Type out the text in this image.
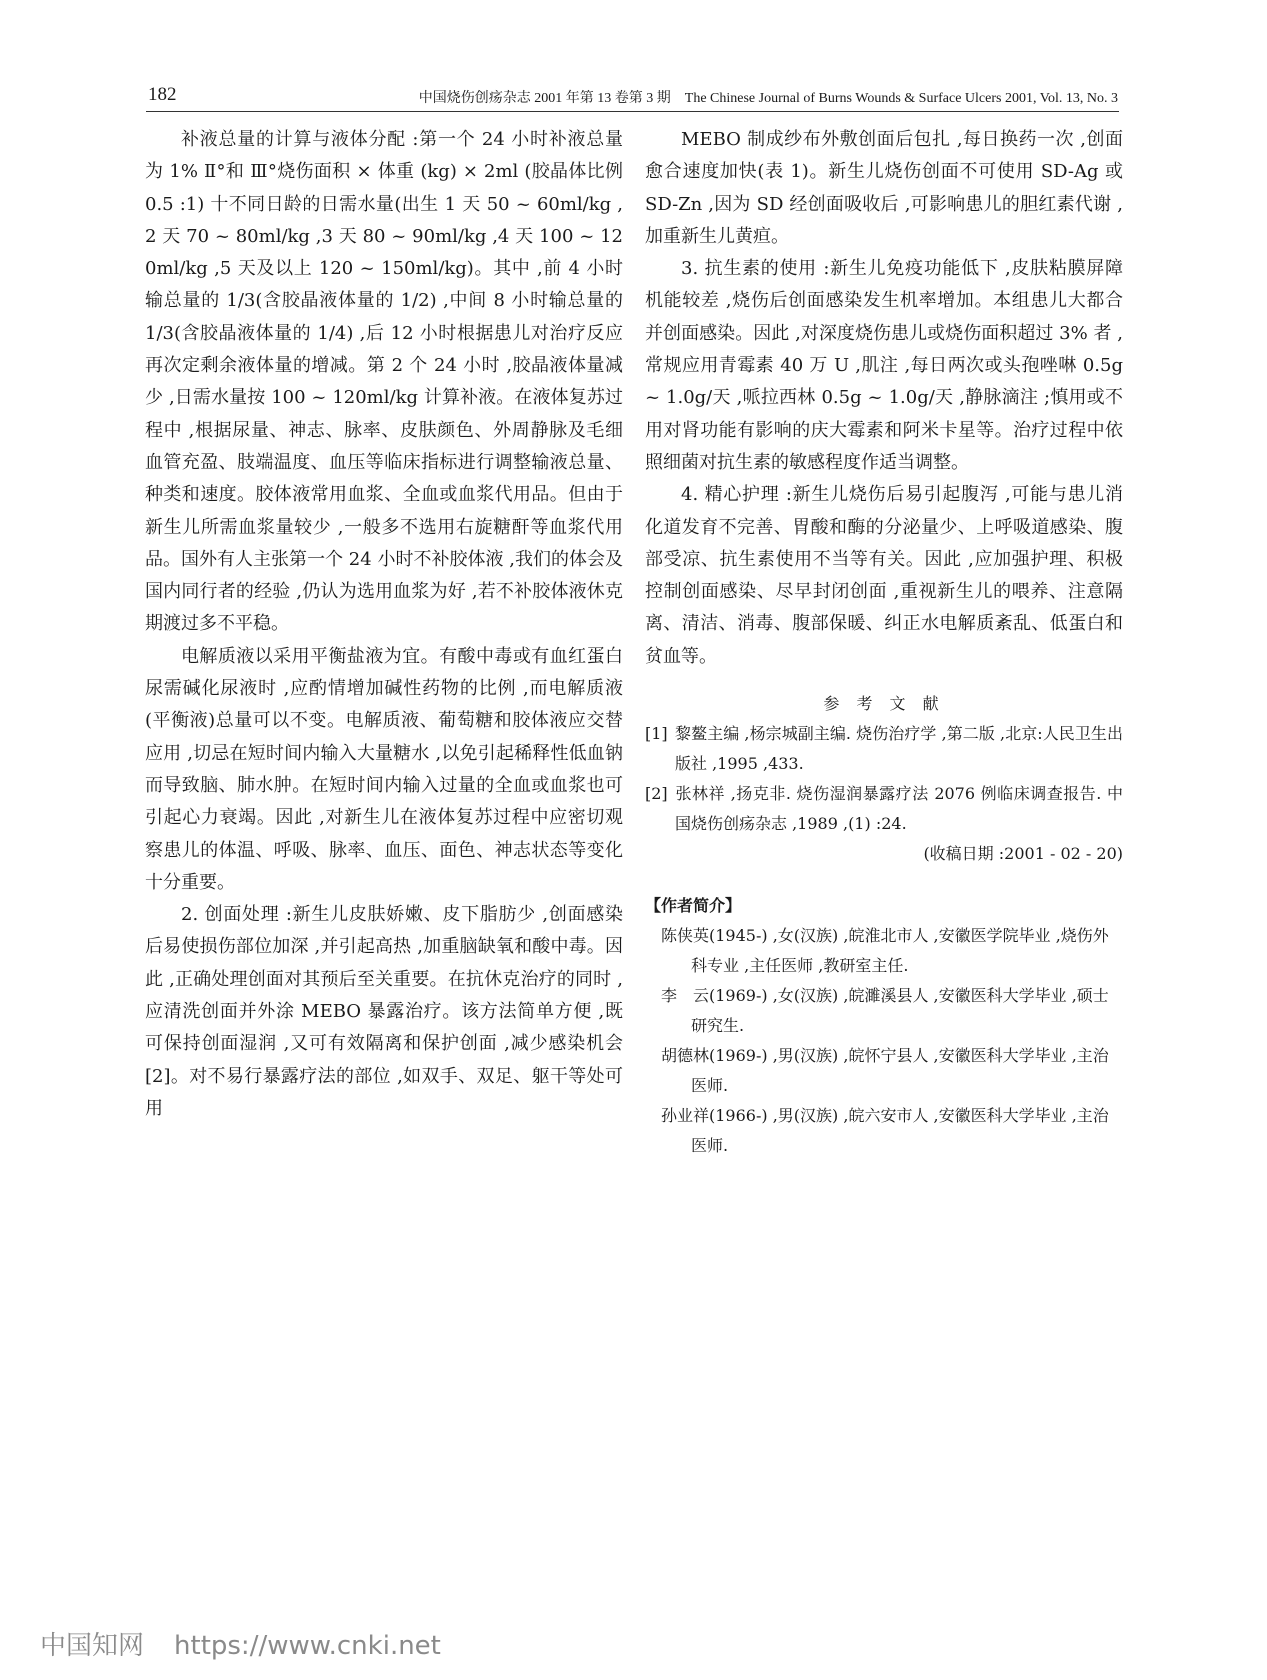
182	中国烧伤创疡杂志 2001 年第 13 卷第 3 期　The Chinese Journal of Burns Wounds & Surface Ulcers 2001, Vol. 13, No. 3

补液总量的计算与液体分配 :第一个 24 小时补液总量为 1% Ⅱ°和 Ⅲ°烧伤面积 × 体重 (kg) × 2ml (胶晶体比例 0.5 :1) 十不同日龄的日需水量(出生 1 天 50 ~ 60ml/kg ,2 天 70 ~ 80ml/kg ,3 天 80 ~ 90ml/kg ,4 天 100 ~ 120ml/kg ,5 天及以上 120 ~ 150ml/kg)。其中 ,前 4 小时输总量的 1/3(含胶晶液体量的 1/2) ,中间 8 小时输总量的 1/3(含胶晶液体量的 1/4) ,后 12 小时根据患儿对治疗反应再次定剩余液体量的增减。第 2 个 24 小时 ,胶晶液体量减少 ,日需水量按 100 ~ 120ml/kg 计算补液。在液体复苏过程中 ,根据尿量、神志、脉率、皮肤颜色、外周静脉及毛细血管充盈、肢端温度、血压等临床指标进行调整输液总量、种类和速度。胶体液常用血浆、全血或血浆代用品。但由于新生儿所需血浆量较少 ,一般多不选用右旋糖酐等血浆代用品。国外有人主张第一个 24 小时不补胶体液 ,我们的体会及国内同行者的经验 ,仍认为选用血浆为好 ,若不补胶体液休克期渡过多不平稳。

电解质液以采用平衡盐液为宜。有酸中毒或有血红蛋白尿需碱化尿液时 ,应酌情增加碱性药物的比例 ,而电解质液(平衡液)总量可以不变。电解质液、葡萄糖和胶体液应交替应用 ,切忌在短时间内输入大量糖水 ,以免引起稀释性低血钠而导致脑、肺水肿。在短时间内输入过量的全血或血浆也可引起心力衰竭。因此 ,对新生儿在液体复苏过程中应密切观察患儿的体温、呼吸、脉率、血压、面色、神志状态等变化十分重要。

2. 创面处理 :新生儿皮肤娇嫩、皮下脂肪少 ,创面感染后易使损伤部位加深 ,并引起高热 ,加重脑缺氧和酸中毒。因此 ,正确处理创面对其预后至关重要。在抗休克治疗的同时 ,应清洗创面并外涂 MEBO 暴露治疗。该方法简单方便 ,既可保持创面湿润 ,又可有效隔离和保护创面 ,减少感染机会[2]。对不易行暴露疗法的部位 ,如双手、双足、躯干等处可用

MEBO 制成纱布外敷创面后包扎 ,每日换药一次 ,创面愈合速度加快(表 1)。新生儿烧伤创面不可使用 SD-Ag 或 SD-Zn ,因为 SD 经创面吸收后 ,可影响患儿的胆红素代谢 ,加重新生儿黄疸。

3. 抗生素的使用 :新生儿免疫功能低下 ,皮肤粘膜屏障机能较差 ,烧伤后创面感染发生机率增加。本组患儿大都合并创面感染。因此 ,对深度烧伤患儿或烧伤面积超过 3% 者 ,常规应用青霉素 40 万 U ,肌注 ,每日两次或头孢唑啉 0.5g ~ 1.0g/天 ,哌拉西林 0.5g ~ 1.0g/天 ,静脉滴注 ;慎用或不用对肾功能有影响的庆大霉素和阿米卡星等。治疗过程中依照细菌对抗生素的敏感程度作适当调整。

4. 精心护理 :新生儿烧伤后易引起腹泻 ,可能与患儿消化道发育不完善、胃酸和酶的分泌量少、上呼吸道感染、腹部受凉、抗生素使用不当等有关。因此 ,应加强护理、积极控制创面感染、尽早封闭创面 ,重视新生儿的喂养、注意隔离、清洁、消毒、腹部保暖、纠正水电解质紊乱、低蛋白和贫血等。

参 考 文 献
[1] 黎鳌主编 ,杨宗城副主编. 烧伤治疗学 ,第二版 ,北京:人民卫生出版社 ,1995 ,433.
[2] 张林祥 ,扬克非. 烧伤湿润暴露疗法 2076 例临床调查报告. 中国烧伤创疡杂志 ,1989 ,(1) :24.
(收稿日期 :2001 - 02 - 20)
【作者简介】
陈侠英(1945-) ,女(汉族) ,皖淮北市人 ,安徽医学院毕业 ,烧伤外科专业 ,主任医师 ,教研室主任.
李　云(1969-) ,女(汉族) ,皖濉溪县人 ,安徽医科大学毕业 ,硕士研究生.
胡德林(1969-) ,男(汉族) ,皖怀宁县人 ,安徽医科大学毕业 ,主治医师.
孙业祥(1966-) ,男(汉族) ,皖六安市人 ,安徽医科大学毕业 ,主治医师.
中国知网 https://www.cnki.net
